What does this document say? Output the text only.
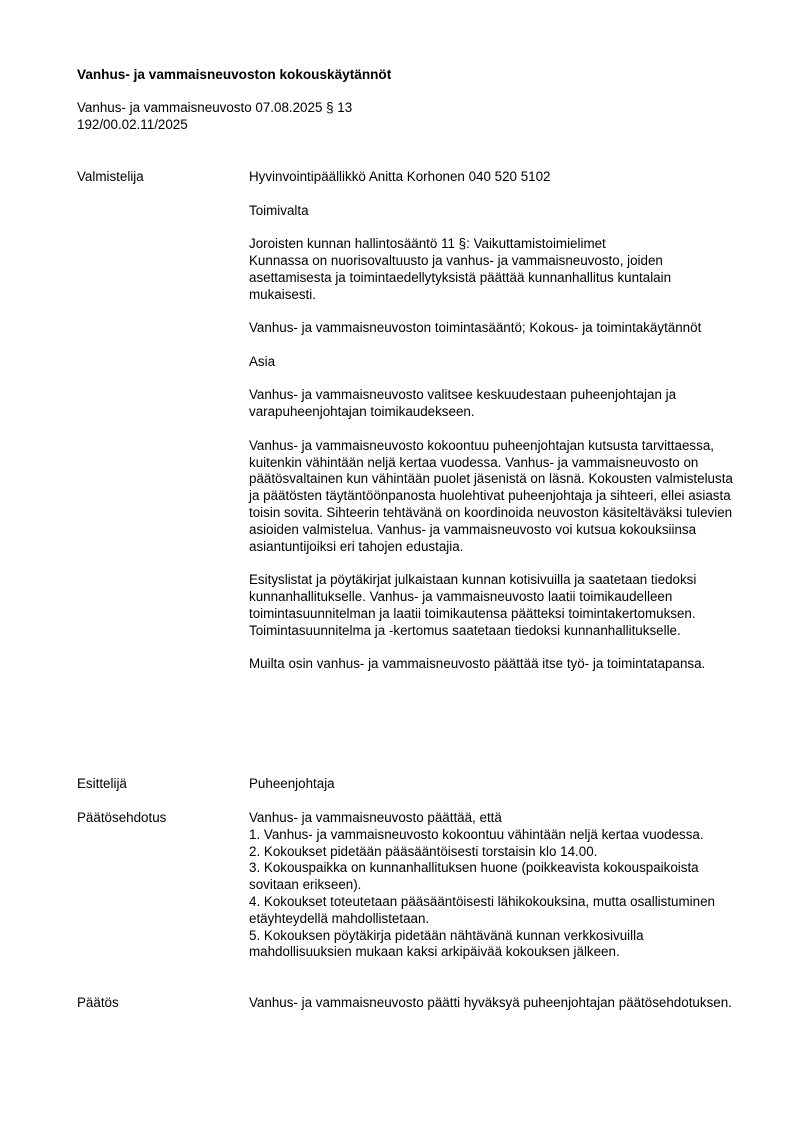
Vanhus- ja vammaisneuvoston kokouskäytännöt
Vanhus- ja vammaisneuvosto 07.08.2025 § 13
192/00.02.11/2025
Valmistelija	Hyvinvointipäällikkö Anitta Korhonen 040 520 5102

Toimivalta

Joroisten kunnan hallintosääntö 11 §: Vaikuttamistoimielimet
Kunnassa on nuorisovaltuusto ja vanhus- ja vammaisneuvosto, joiden asettamisesta ja toimintaedellytyksistä päättää kunnanhallitus kuntalain mukaisesti.

Vanhus- ja vammaisneuvoston toimintasääntö; Kokous- ja toimintakäytännöt

Asia

Vanhus- ja vammaisneuvosto valitsee keskuudestaan puheenjohtajan ja varapuheenjohtajan toimikaudekseen.

Vanhus- ja vammaisneuvosto kokoontuu puheenjohtajan kutsusta tarvittaessa, kuitenkin vähintään neljä kertaa vuodessa. Vanhus- ja vammaisneuvosto on päätösvaltainen kun vähintään puolet jäsenistä on läsnä. Kokousten valmistelusta ja päätösten täytäntöönpanosta huolehtivat puheenjohtaja ja sihteeri, ellei asiasta toisin sovita. Sihteerin tehtävänä on koordinoida neuvoston käsiteltäväksi tulevien asioiden valmistelua. Vanhus- ja vammaisneuvosto voi kutsua kokouksiinsa asiantuntijoiksi eri tahojen edustajia.

Esityslistat ja pöytäkirjat julkaistaan kunnan kotisivuilla ja saatetaan tiedoksi kunnanhallitukselle. Vanhus- ja vammaisneuvosto laatii toimikaudelleen toimintasuunnitelman ja laatii toimikautensa päätteksi toimintakertomuksen. Toimintasuunnitelma ja -kertomus saatetaan tiedoksi kunnanhallitukselle.

Muilta osin vanhus- ja vammaisneuvosto päättää itse työ- ja toimintatapansa.

Esittelijä	Puheenjohtaja
Päätösehdotus	Vanhus- ja vammaisneuvosto päättää, että
1. Vanhus- ja vammaisneuvosto kokoontuu vähintään neljä kertaa vuodessa.
2. Kokoukset pidetään pääsääntöisesti torstaisin klo 14.00.
3. Kokouspaikka on kunnanhallituksen huone (poikkeavista kokouspaikoista sovitaan erikseen).
4. Kokoukset toteutetaan pääsääntöisesti lähikokouksina, mutta osallistuminen etäyhteydellä mahdollistetaan.
5. Kokouksen pöytäkirja pidetään nähtävänä kunnan verkkosivuilla mahdollisuuksien mukaan kaksi arkipäivää kokouksen jälkeen.
Päätös	Vanhus- ja vammaisneuvosto päätti hyväksyä puheenjohtajan päätösehdotuksen.
